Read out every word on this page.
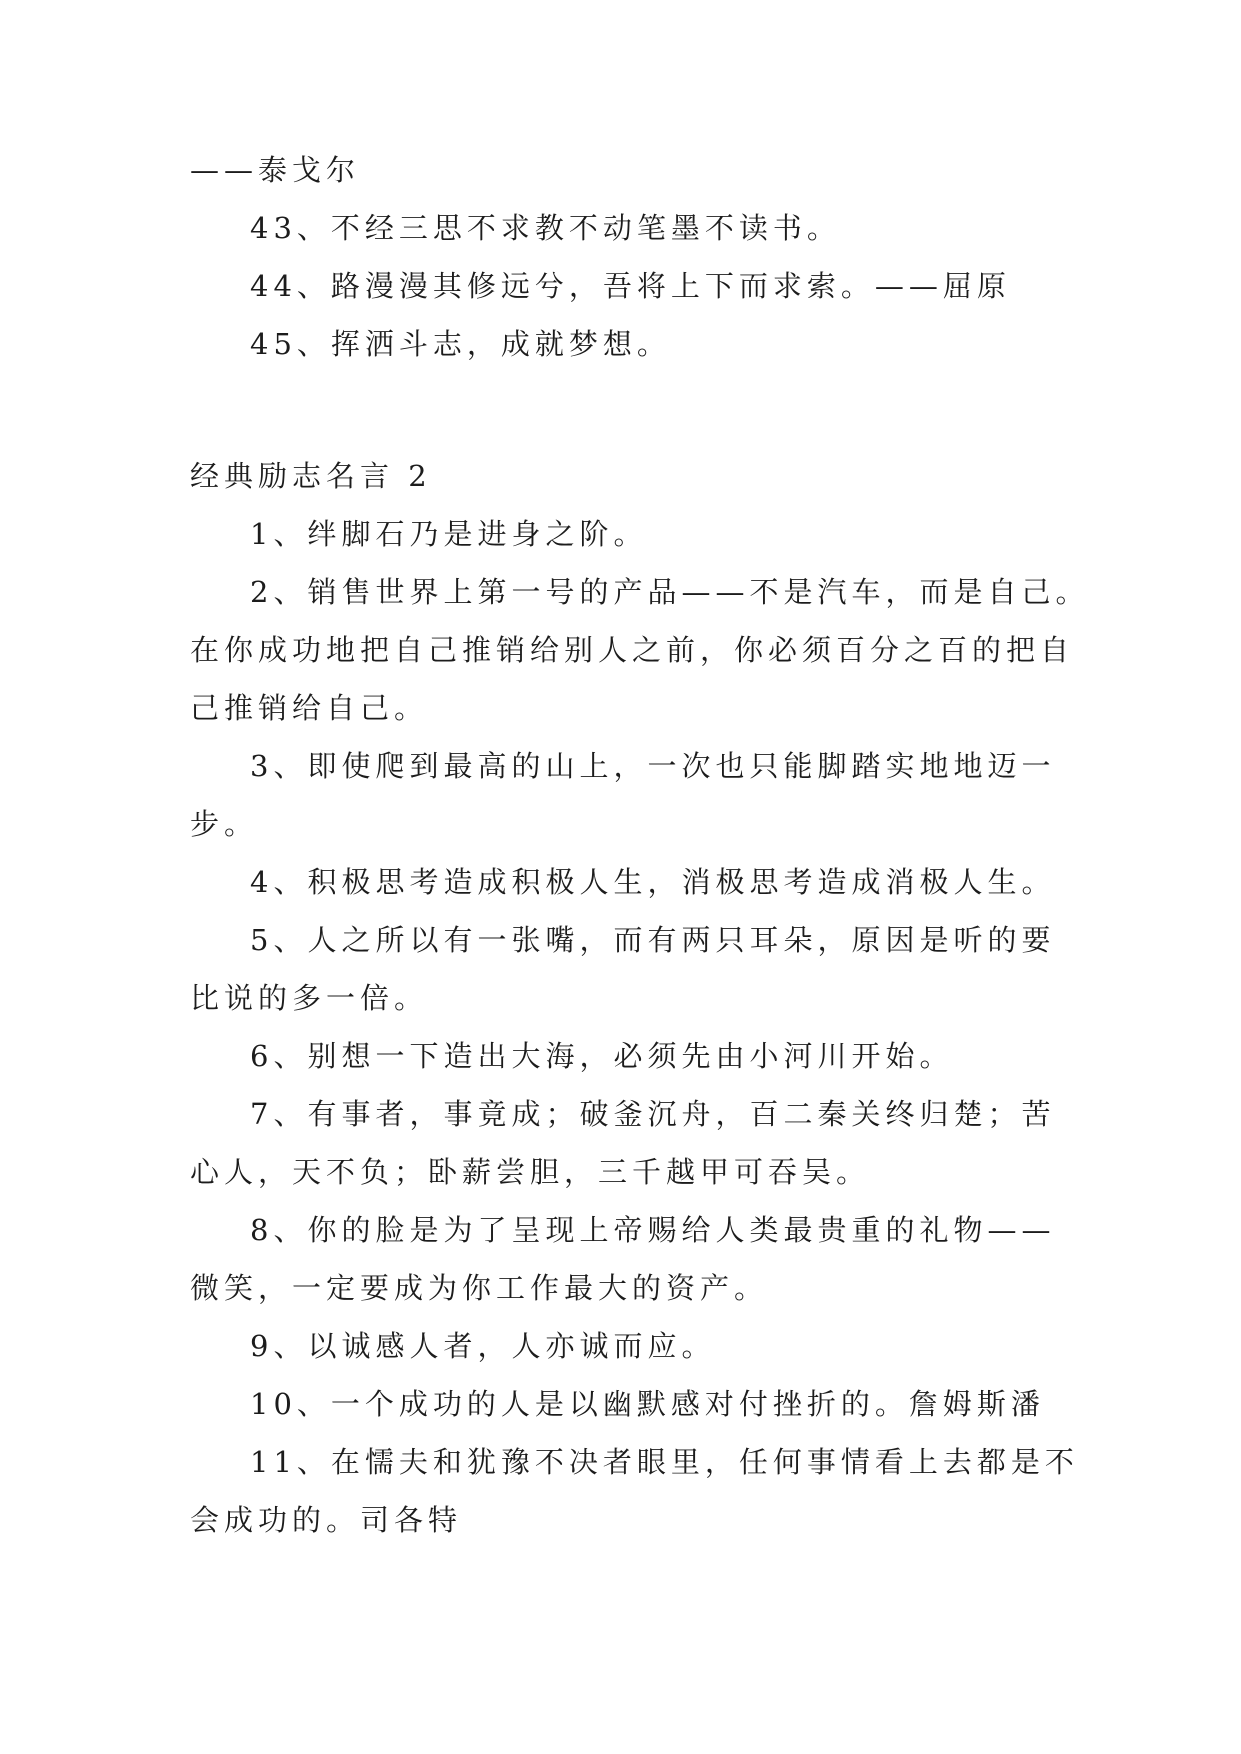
——泰戈尔

43、不经三思不求教不动笔墨不读书。

44、路漫漫其修远兮，吾将上下而求索。——屈原

45、挥洒斗志，成就梦想。

经典励志名言 2

1、绊脚石乃是进身之阶。

2、销售世界上第一号的产品——不是汽车，而是自己。

在你成功地把自己推销给别人之前，你必须百分之百的把自

己推销给自己。

3、即使爬到最高的山上，一次也只能脚踏实地地迈一

步。

4、积极思考造成积极人生，消极思考造成消极人生。

5、人之所以有一张嘴，而有两只耳朵，原因是听的要

比说的多一倍。

6、别想一下造出大海，必须先由小河川开始。

7、有事者，事竟成；破釜沉舟，百二秦关终归楚；苦

心人，天不负；卧薪尝胆，三千越甲可吞吴。

8、你的脸是为了呈现上帝赐给人类最贵重的礼物——

微笑，一定要成为你工作最大的资产。

9、以诚感人者，人亦诚而应。

10、一个成功的人是以幽默感对付挫折的。詹姆斯潘

11、在懦夫和犹豫不决者眼里，任何事情看上去都是不

会成功的。司各特
